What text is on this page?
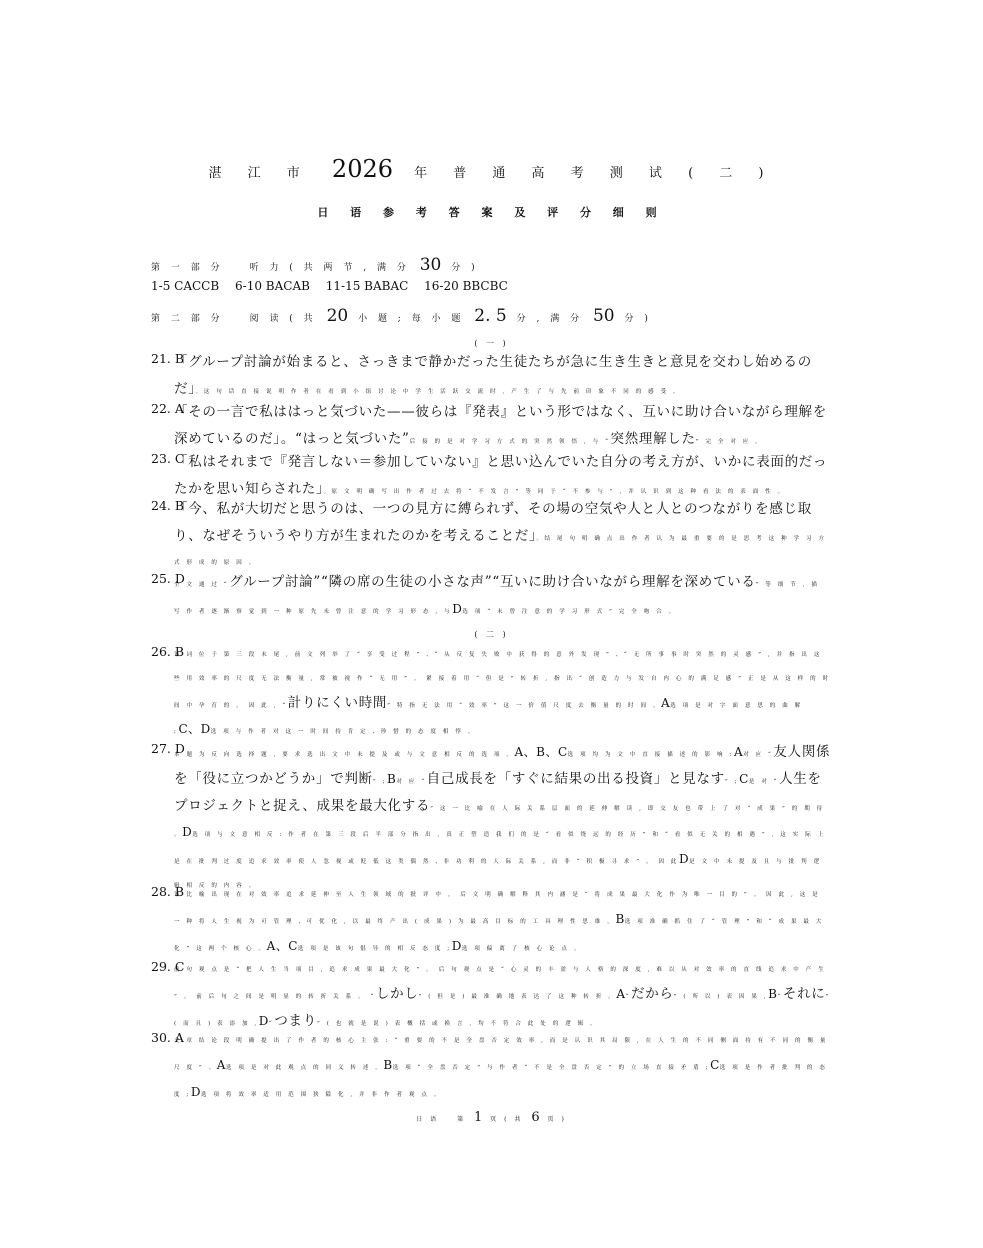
湛 江 市 2026 年 普 通 高 考 测 试 ( 二 )
日 语 参 考 答 案 及 评 分 细 则
第 一 部 分　　听 力 ( 共 两 节 , 满 分 30 分 )
1-5 CACCB 6-10 BACAB 11-15 BABAC 16-20 BBCBC
第 二 部 分　　阅 读 ( 共 20 小 题 ; 每 小 题 2. 5 分 , 满 分 50 分 )
( 一 )
( 二 )
21. B
「グループ討論が始まると、さっきまで静かだった生徒たちが急に生き生きと意見を交わし始めるのだ」。这 句 话 直 接 说 明 作 者 在 看 到 小 组 讨 论 中 学 生 活 跃 交 流 时 , 产 生 了 与 先 前 印 象 不 同 的 感 受 。
22. A
「その一言で私ははっと気づいた——彼らは『発表』という形ではなく、互いに助け合いながら理解を深めているのだ」。“はっと気づいた”后 接 的 是 对 学 习 方 式 的 突 然 领 悟 , 与 “突然理解した” 完 全 对 应 。
23. C
「私はそれまで『発言しない＝参加していない』と思い込んでいた自分の考え方が、いかに表面的だったかを思い知らされた」。原 文 明 确 写 出 作 者 过 去 将 “ 不 发 言 ” 等 同 于 “ 不 参 与 ” , 并 认 识 到 这 种 看 法 的 表 面 性 。
24. B
「今、私が大切だと思うのは、一つの見方に縛られず、その場の空気や人と人とのつながりを感じ取り、なぜそういうやり方が生まれたのかを考えることだ」。结 尾 句 明 确 点 出 作 者 认 为 最 重 要 的 是 思 考 这 种 学 习 方 式 形 成 的 原 因 。
25. D
全 文 通 过 “グループ討論”“隣の席の生徒の小さな声”“互いに助け合いながら理解を深めている” 等 细 节 , 描 写 作 者 逐 渐 察 觉 到 一 种 原 先 未 曾 注 意 的 学 习 形 态 , 与D选 项 “ 未 曾 注 意 的 学 习 形 式 ” 完 全 吻 合 。
26. B
该 词 位 于 第 三 段 末 尾 , 前 文 列 举 了 “ 享 受 过 程 ” 、“ 从 反 复 失 败 中 获 得 的 意 外 发 现 ” 、“ 无 所 事 事 时 突 然 的 灵 感 ” , 并 指 出 这 些 用 效 率 的 尺 度 无 法 衡 量 , 常 被 视 作 “ 无 用 ” 。 紧 接 着 用 “ 但 是 ” 转 折 , 指 出 “ 创 造 力 与 发 自 内 心 的 满 足 感 ” 正 是 从 这 样 的 时 间 中 孕 育 的 。 因 此 , “計りにくい時間” 特 指 无 法 用 “ 效 率 ” 这 一 价 值 尺 度 去 衡 量 的 时 间 。A选 项 是 对 字 面 意 思 的 曲 解 ;C、D选 项 与 作 者 对 这 一 时 间 持 肯 定 、珍 惜 的 态 度 相 悖 。
27. D
本 题 为 反 向 选 择 题 , 要 求 选 出 文 中 未 提 及 或 与 文 意 相 反 的 选 项 。A、B、C选 项 均 为 文 中 直 接 描 述 的 影 响 :A对 应 “友人関係を「役に立つかどうか」で判断” ;B对 应 “自己成長を「すぐに結果の出る投資」と見なす” ;C是 对 “人生をプロジェクトと捉え、成果を最大化する” 这 一 比 喻 在 人 际 关 系 层 面 的 延 伸 解 读 , 即 交 友 也 带 上 了 对 “ 成 果 ” 的 期 待 。D选 项 与 文 意 相 反 : 作 者 在 第 三 段 后 半 部 分 指 出 , 真 正 塑 造 我 们 的 是 “ 看 似 绕 远 的 经 历 ” 和 “ 看 似 无 关 的 相 遇 ” , 这 实 际 上 是 在 批 判 过 度 追 求 效 率 使 人 忽 视 或 贬 低 这 类 偶 然 、非 功 利 的 人 际 关 系 , 而 非 “ 积 极 寻 求 ” 。 因 此D是 文 中 未 提 及 且 与 批 判 逻 辑 相 反 的 内 容 。
28. B
该 比 喻 出 现 在 对 效 率 追 求 延 伸 至 人 生 领 域 的 批 评 中 。 后 文 明 确 解 释 其 内 涵 是 “ 将 成 果 最 大 化 作 为 唯 一 目 的 ” 。 因 此 , 这 是 一 种 将 人 生 视 为 可 管 理 、可 优 化 , 以 最 终 产 出 ( 成 果 ) 为 最 高 目 标 的 工 具 理 性 思 维 。B选 项 准 确 抓 住 了 “ 管 理 ” 和 “ 成 果 最 大 化 ” 这 两 个 核 心 。A、C选 项 是 该 句 倡 导 的 相 反 态 度 ;D选 项 偏 离 了 核 心 论 点 。
29. C
前 句 观 点 是 “ 把 人 生 当 项 目 , 追 求 成 果 最 大 化 ” 。 后 句 观 点 是 “ 心 灵 的 丰 盈 与 人 格 的 深 度 , 难 以 从 对 效 率 的 直 线 追 求 中 产 生 ” 。 前 后 句 之 间 是 明 显 的 转 折 关 系 。 “しかし” ( 但 是 ) 最 准 确 地 表 达 了 这 种 转 折 。A“だから” ( 所 以 ) 表 因 果 ,B“それに” ( 而 且 ) 表 添 加 ,D“つまり” ( 也 就 是 说 ) 表 概 括 或 换 言 , 均 不 符 合 此 处 的 逻 辑 。
30. A
文 章 结 论 段 明 确 提 出 了 作 者 的 核 心 主 张 : “ 重 要 的 不 是 全 盘 否 定 效 率 , 而 是 认 识 其 局 限 , 在 人 生 的 不 同 侧 面 持 有 不 同 的 衡 量 尺 度 ” 。A选 项 是 对 此 观 点 的 同 义 转 述 。B选 项 “ 全 盘 否 定 ” 与 作 者 “ 不 是 全 盘 否 定 ” 的 立 场 直 接 矛 盾 ;C选 项 是 作 者 批 判 的 态 度 ;D选 项 将 效 率 适 用 范 围 狭 隘 化 , 并 非 作 者 观 点 。
日 语　　第 1 页 ( 共 6 页 )
